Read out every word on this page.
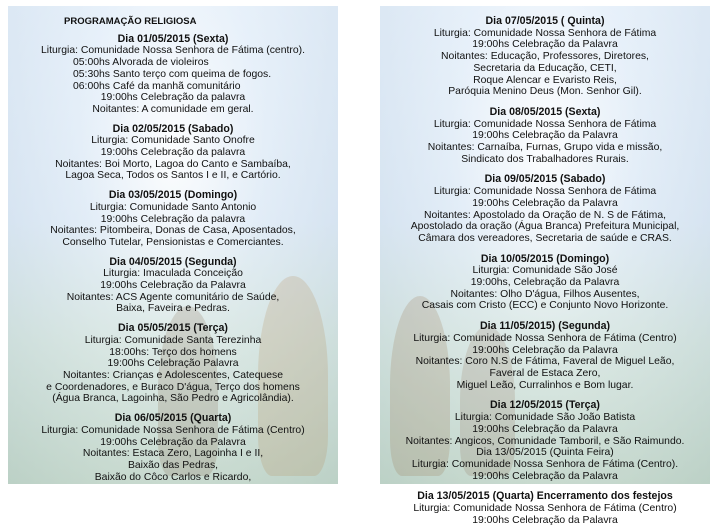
PROGRAMAÇÃO RELIGIOSA
Dia 01/05/2015 (Sexta)
Liturgia: Comunidade Nossa Senhora de Fátima (centro).
05:00hs Alvorada de violeiros
05:30hs Santo terço com queima de fogos.
06:00hs Café da manhã comunitário
19:00hs Celebração da palavra
Noitantes: A comunidade em geral.
Dia 02/05/2015 (Sabado)
Liturgia: Comunidade Santo Onofre
19:00hs Celebração da palavra
Noitantes: Boi Morto, Lagoa do Canto e Sambaíba,
Lagoa Seca, Todos os Santos I e II, e Cartório.
Dia 03/05/2015 (Domingo)
Liturgia: Comunidade Santo Antonio
19:00hs Celebração da palavra
Noitantes: Pitombeira, Donas de Casa, Aposentados,
Conselho Tutelar, Pensionistas e Comerciantes.
Dia 04/05/2015 (Segunda)
Liturgia: Imaculada Conceição
19:00hs Celebração da Palavra
Noitantes: ACS Agente comunitário de Saúde,
Baixa, Faveira e Pedras.
Dia 05/05/2015 (Terça)
Liturgia: Comunidade Santa Terezinha
18:00hs: Terço dos homens
19:00hs Celebração Palavra
Noitantes: Crianças e Adolescentes, Catequese
e Coordenadores, e Buraco D'água, Terço dos homens
(Água Branca, Lagoinha, São Pedro e Agricolândia).
Dia 06/05/2015 (Quarta)
Liturgia: Comunidade Nossa Senhora de Fátima (Centro)
19:00hs Celebração da Palavra
Noitantes: Estaca Zero, Lagoinha I e II,
Baixão das Pedras,
Baixão do Côco Carlos e Ricardo,
Dia 07/05/2015 ( Quinta)
Liturgia: Comunidade Nossa Senhora de Fátima
19:00hs Celebração da Palavra
Noitantes: Educação, Professores, Diretores,
Secretaria da Educação, CETI,
Roque Alencar e Evaristo Reis,
Paróquia Menino Deus (Mon. Senhor Gil).
Dia 08/05/2015 (Sexta)
Liturgia: Comunidade Nossa Senhora de Fátima
19:00hs Celebração da Palavra
Noitantes: Carnaíba, Furnas, Grupo vida e missão,
Sindicato dos Trabalhadores Rurais.
Dia 09/05/2015 (Sabado)
Liturgia: Comunidade Nossa Senhora de Fátima
19:00hs Celebração da Palavra
Noitantes: Apostolado da Oração de N. S de Fátima,
Apostolado da oração (Água Branca) Prefeitura Municipal,
Câmara dos vereadores, Secretaria de saúde e CRAS.
Dia 10/05/2015 (Domingo)
Liturgia: Comunidade São José
19:00hs, Celebração da Palavra
Noitantes: Olho D'água, Filhos Ausentes,
Casais com Cristo (ECC) e Conjunto Novo Horizonte.
Dia 11/05/2015) (Segunda)
Liturgia: Comunidade Nossa Senhora de Fátima (Centro)
19:00hs Celebração da Palavra
Noitantes: Coro N.S de Fátima, Faveral de Miguel Leão,
Faveral de Estaca Zero,
Miguel Leão, Curralinhos e Bom lugar.
Dia 12/05/2015 (Terça)
Liturgia: Comunidade São João Batista
19:00hs Celebração da Palavra
Noitantes: Angicos, Comunidade Tamboril, e São Raimundo.
Dia 13/05/2015 (Quinta Feira)
Liturgia: Comunidade Nossa Senhora de Fátima (Centro).
19:00hs Celebração da Palavra
Dia 13/05/2015 (Quarta) Encerramento dos festejos
Liturgia: Comunidade Nossa Senhora de Fátima (Centro)
19:00hs Celebração da Palavra
